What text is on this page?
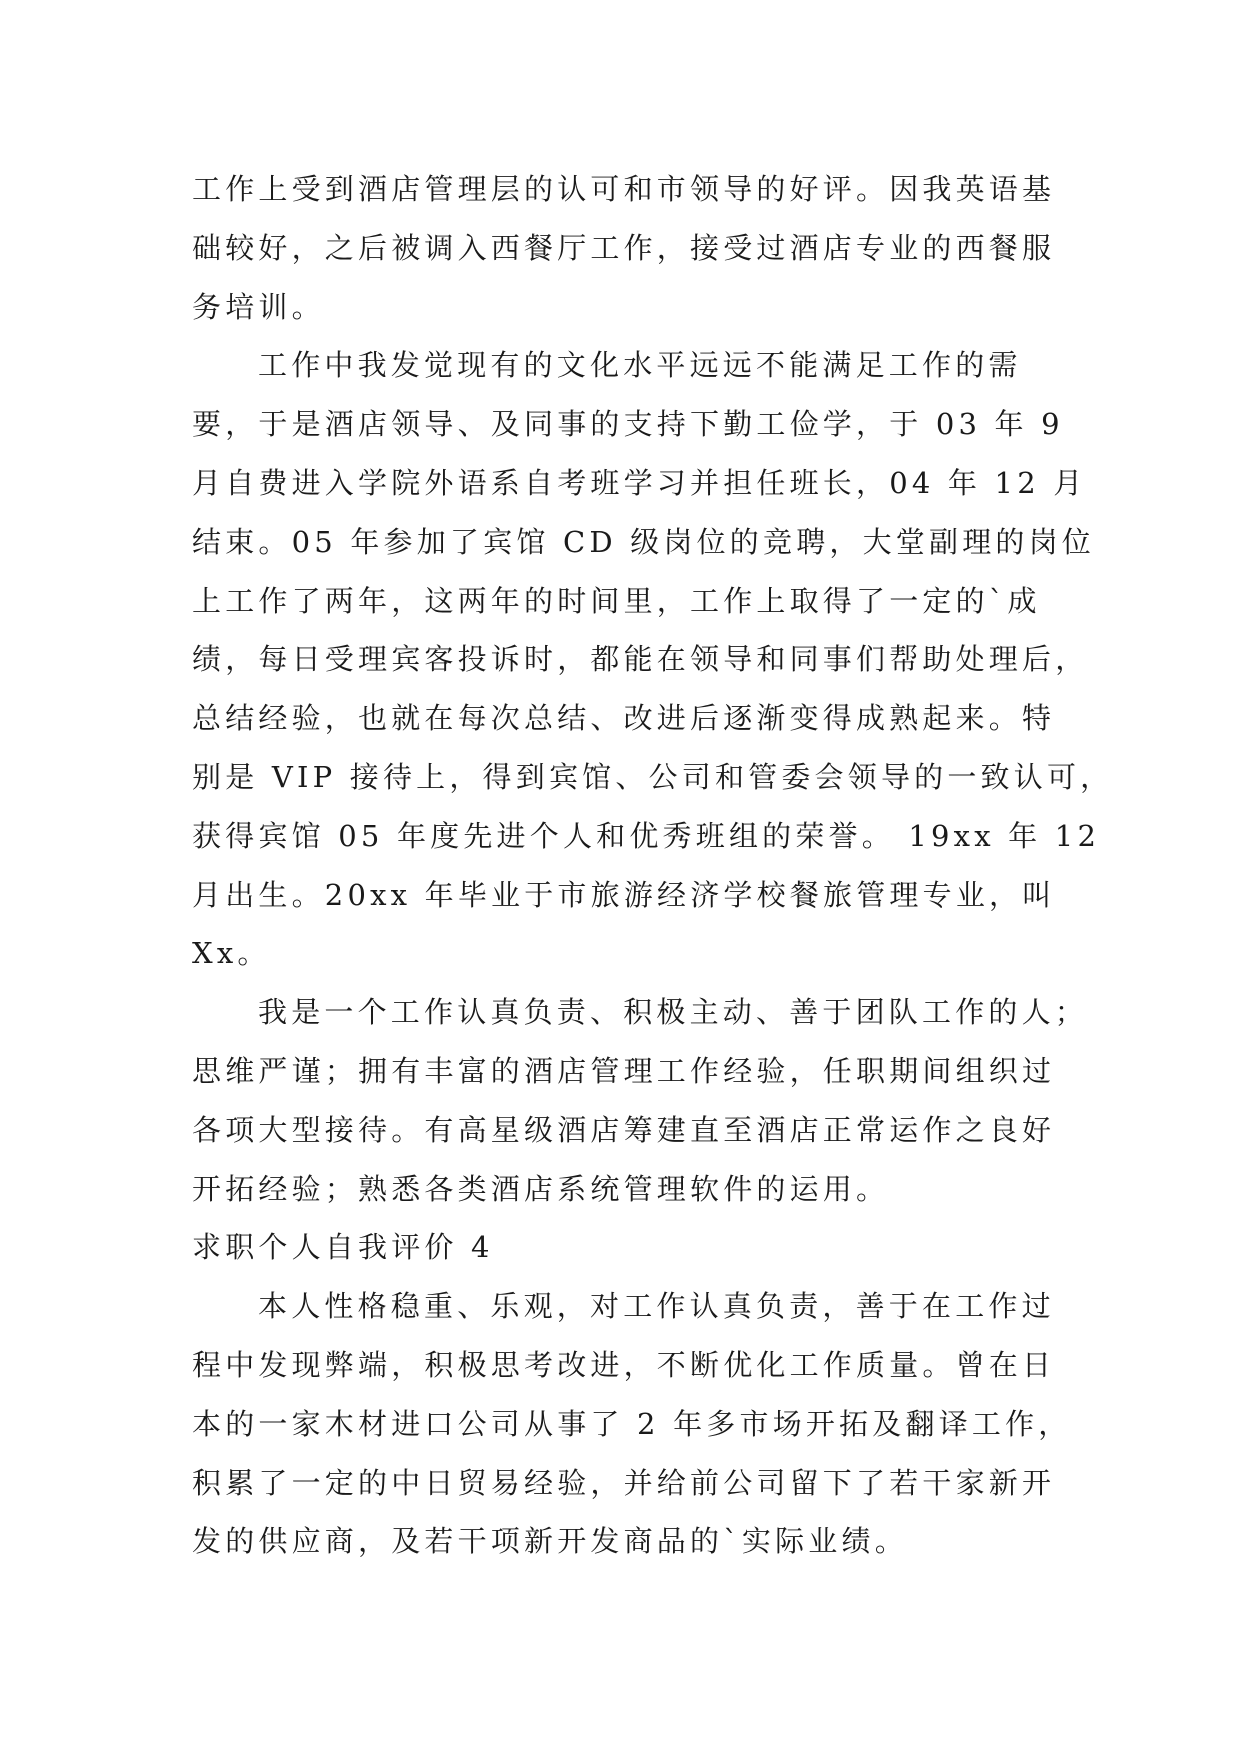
工作上受到酒店管理层的认可和市领导的好评。因我英语基
础较好，之后被调入西餐厅工作，接受过酒店专业的西餐服
务培训。
工作中我发觉现有的文化水平远远不能满足工作的需
要，于是酒店领导、及同事的支持下勤工俭学，于 03 年 9
月自费进入学院外语系自考班学习并担任班长，04 年 12 月
结束。05 年参加了宾馆 CD 级岗位的竞聘，大堂副理的岗位
上工作了两年，这两年的时间里，工作上取得了一定的`成
绩，每日受理宾客投诉时，都能在领导和同事们帮助处理后，
总结经验，也就在每次总结、改进后逐渐变得成熟起来。特
别是 VIP 接待上，得到宾馆、公司和管委会领导的一致认可，
获得宾馆 05 年度先进个人和优秀班组的荣誉。 19xx 年 12
月出生。20xx 年毕业于市旅游经济学校餐旅管理专业，叫
Xx。
我是一个工作认真负责、积极主动、善于团队工作的人；
思维严谨；拥有丰富的酒店管理工作经验，任职期间组织过
各项大型接待。有高星级酒店筹建直至酒店正常运作之良好
开拓经验；熟悉各类酒店系统管理软件的运用。
求职个人自我评价 4
本人性格稳重、乐观，对工作认真负责，善于在工作过
程中发现弊端，积极思考改进，不断优化工作质量。曾在日
本的一家木材进口公司从事了 2 年多市场开拓及翻译工作，
积累了一定的中日贸易经验，并给前公司留下了若干家新开
发的供应商，及若干项新开发商品的`实际业绩。
